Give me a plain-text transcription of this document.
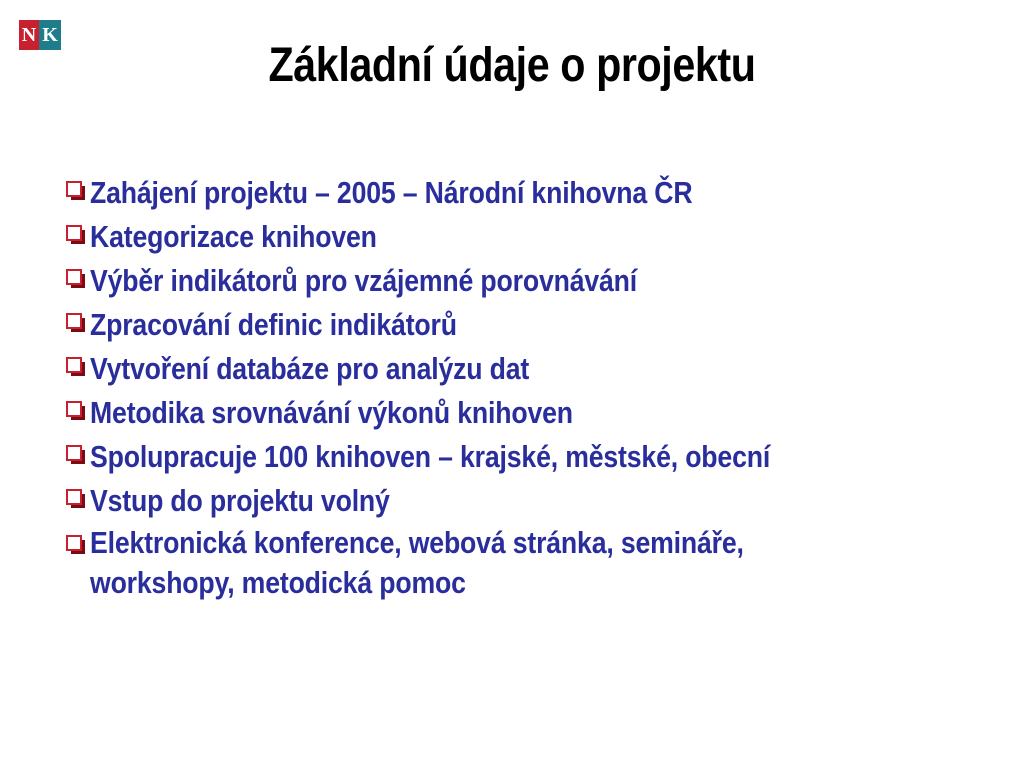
N K
Základní údaje o projektu
Zahájení projektu – 2005 – Národní knihovna ČR
Kategorizace knihoven
Výběr indikátorů pro vzájemné porovnávání
Zpracování definic indikátorů
Vytvoření databáze pro analýzu dat
Metodika srovnávání výkonů knihoven
Spolupracuje 100 knihoven – krajské, městské, obecní
Vstup do projektu volný
Elektronická konference, webová stránka, semináře,
workshopy, metodická pomoc
